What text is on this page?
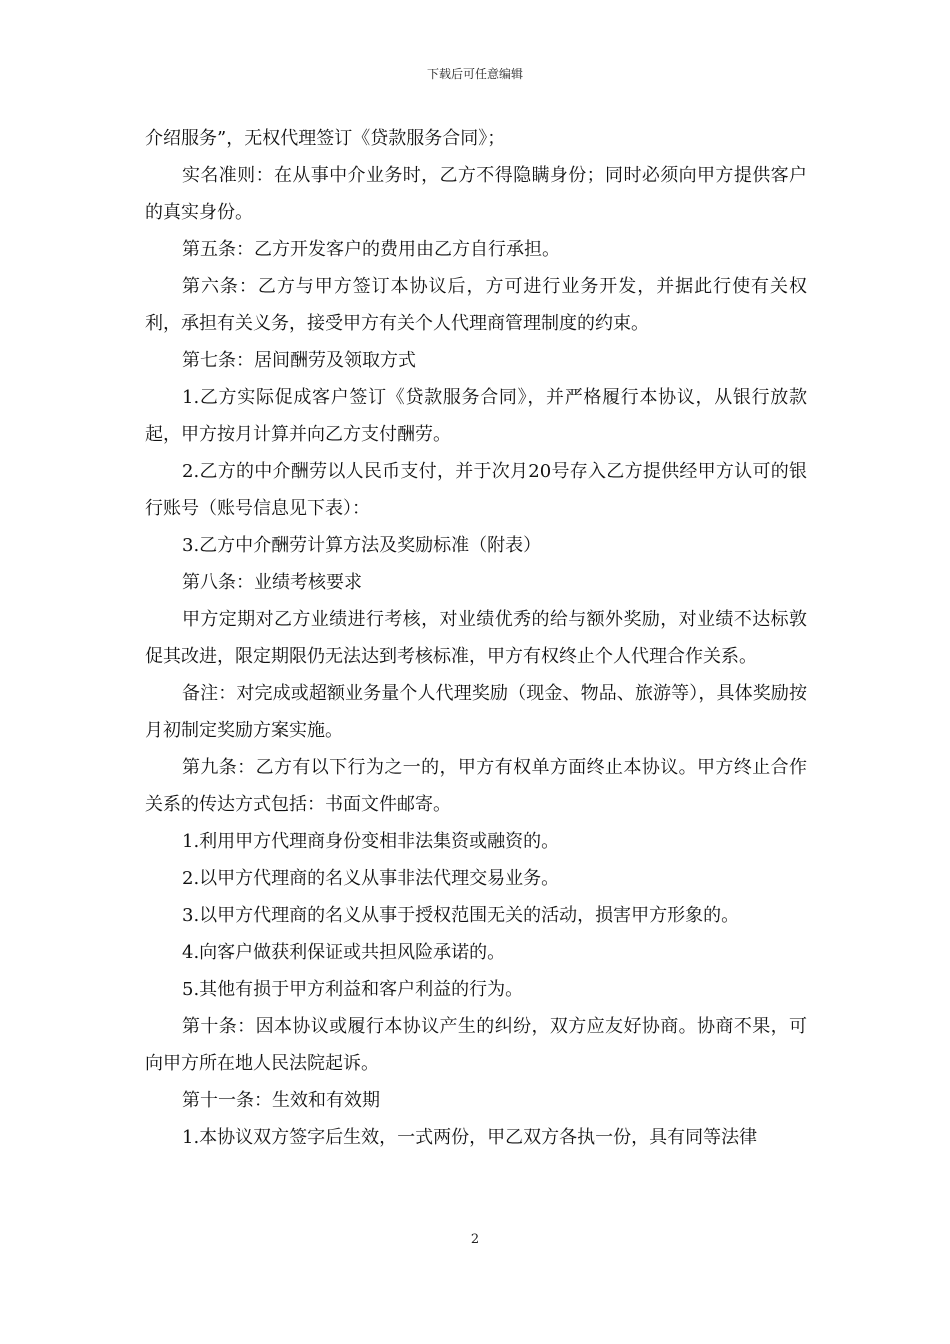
下载后可任意编辑

介绍服务”，无权代理签订《贷款服务合同》；

实名准则：在从事中介业务时，乙方不得隐瞒身份；同时必须向甲方提供客户的真实身份。

第五条：乙方开发客户的费用由乙方自行承担。

第六条：乙方与甲方签订本协议后，方可进行业务开发，并据此行使有关权利，承担有关义务，接受甲方有关个人代理商管理制度的约束。

第七条：居间酬劳及领取方式

1.乙方实际促成客户签订《贷款服务合同》，并严格履行本协议，从银行放款起，甲方按月计算并向乙方支付酬劳。

2.乙方的中介酬劳以人民币支付，并于次月20号存入乙方提供经甲方认可的银行账号（账号信息见下表）：

3.乙方中介酬劳计算方法及奖励标准（附表）

第八条：业绩考核要求

甲方定期对乙方业绩进行考核，对业绩优秀的给与额外奖励，对业绩不达标敦促其改进，限定期限仍无法达到考核标准，甲方有权终止个人代理合作关系。

备注：对完成或超额业务量个人代理奖励（现金、物品、旅游等），具体奖励按月初制定奖励方案实施。

第九条：乙方有以下行为之一的，甲方有权单方面终止本协议。甲方终止合作关系的传达方式包括：书面文件邮寄。

1.利用甲方代理商身份变相非法集资或融资的。

2.以甲方代理商的名义从事非法代理交易业务。

3.以甲方代理商的名义从事于授权范围无关的活动，损害甲方形象的。

4.向客户做获利保证或共担风险承诺的。

5.其他有损于甲方利益和客户利益的行为。

第十条：因本协议或履行本协议产生的纠纷，双方应友好协商。协商不果，可向甲方所在地人民法院起诉。

第十一条：生效和有效期

1.本协议双方签字后生效，一式两份，甲乙双方各执一份，具有同等法律

2
